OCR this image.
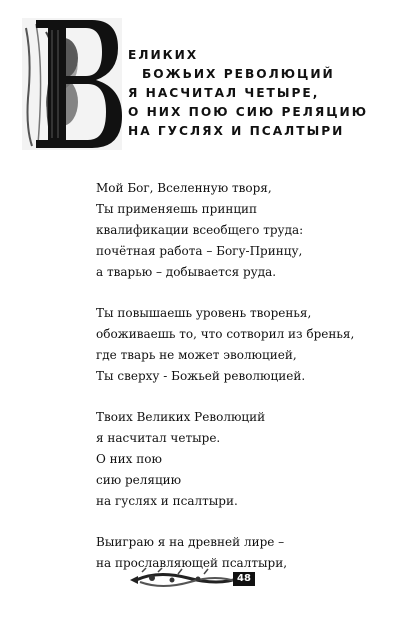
ЕЛИКИХ
БОЖЬИХ РЕВОЛЮЦИЙ
Я НАСЧИТАЛ ЧЕТЫРЕ,
О НИХ ПОЮ СИЮ РЕЛЯЦИЮ
НА ГУСЛЯХ И ПСАЛТЫРИ
Мой Бог, Вселенную творя,
Ты применяешь принцип
квалификации всеобщего труда:
почётная работа – Богу-Принцу,
а тварью – добывается руда.
Ты повышаешь уровень творенья,
обоживаешь то, что сотворил из бренья,
где тварь не может эволюцией,
Ты сверху - Божьей революцией.
Твоих Великих Революций
я насчитал четыре.
О них пою
сию реляцию
на гуслях и псалтыри.
Выиграю я на древней лире –
на прославляющей псалтыри,
48
